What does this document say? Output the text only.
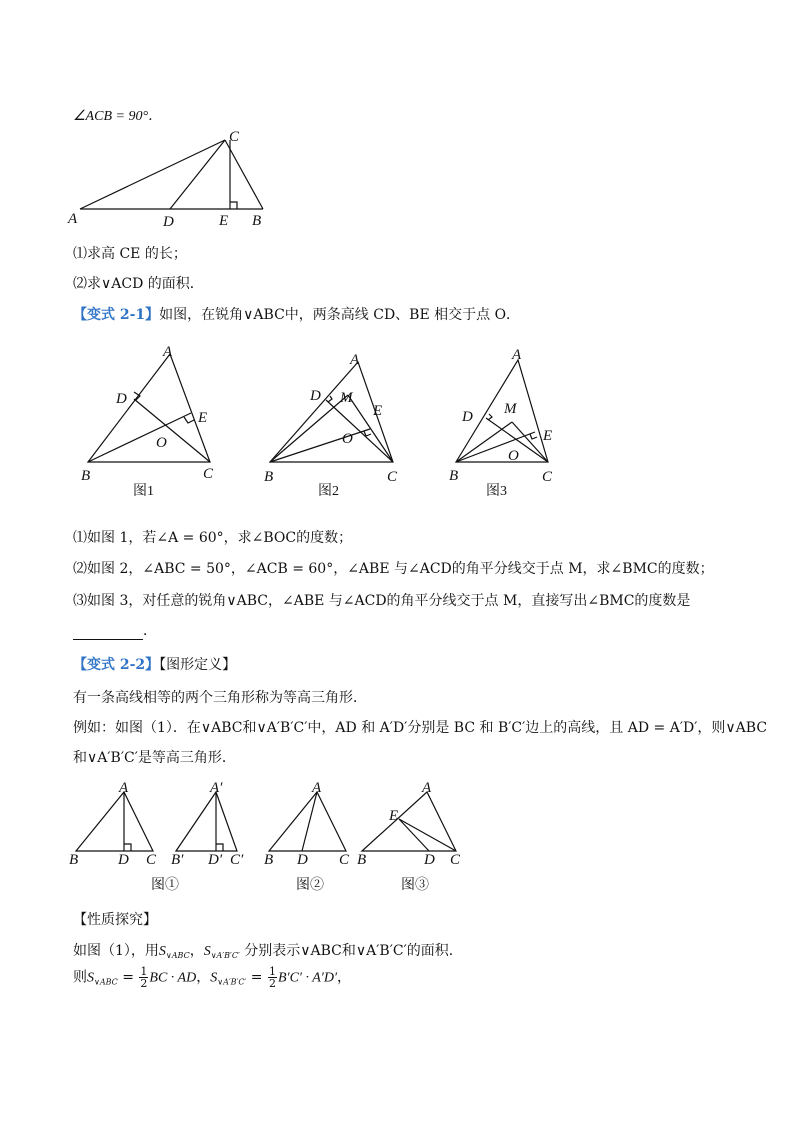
∠ACB = 90°．
A	D	E B
C
⑴求高 CE 的长；
⑵求∨ACD 的面积．
【变式 2-1】如图，在锐角∨ABC中，两条高线 CD、BE 相交于点 O．
A
D
E
O
B	C
图1
A
D M
E
O
B	C
图2
A
D M
E
O
B	C
图3
⑴如图 1，若∠A = 60°，求∠BOC的度数；
⑵如图 2，∠ABC = 50°，∠ACB = 60°，∠ABE 与∠ACD的角平分线交于点 M，求∠BMC的度数；
⑶如图 3，对任意的锐角∨ABC，∠ABE 与∠ACD的角平分线交于点 M，直接写出∠BMC的度数是
．
【变式 2-2】【图形定义】
有一条高线相等的两个三角形称为等高三角形．
例如：如图（1）．在∨ABC和∨A′B′C′中，AD 和 A′D′分别是 BC 和 B′C′边上的高线，且 AD = A′D′，则∨ABC
和∨A′B′C′是等高三角形．
A
B	D C
A′
B′ D′ C′
A
B D C
A
E
B	D C
图①	图②	图③
【性质探究】
如图（1），用$S_{\vee ABC}$，$S_{\vee A'B'C'}$ 分别表示∨ABC和∨A′B′C′的面积．
则$S_{\vee ABC} = \frac{1}{2}$ BC · AD，$S_{\vee A'B'C'} = \frac{1}{2} B'C' \cdot A'D'$，
